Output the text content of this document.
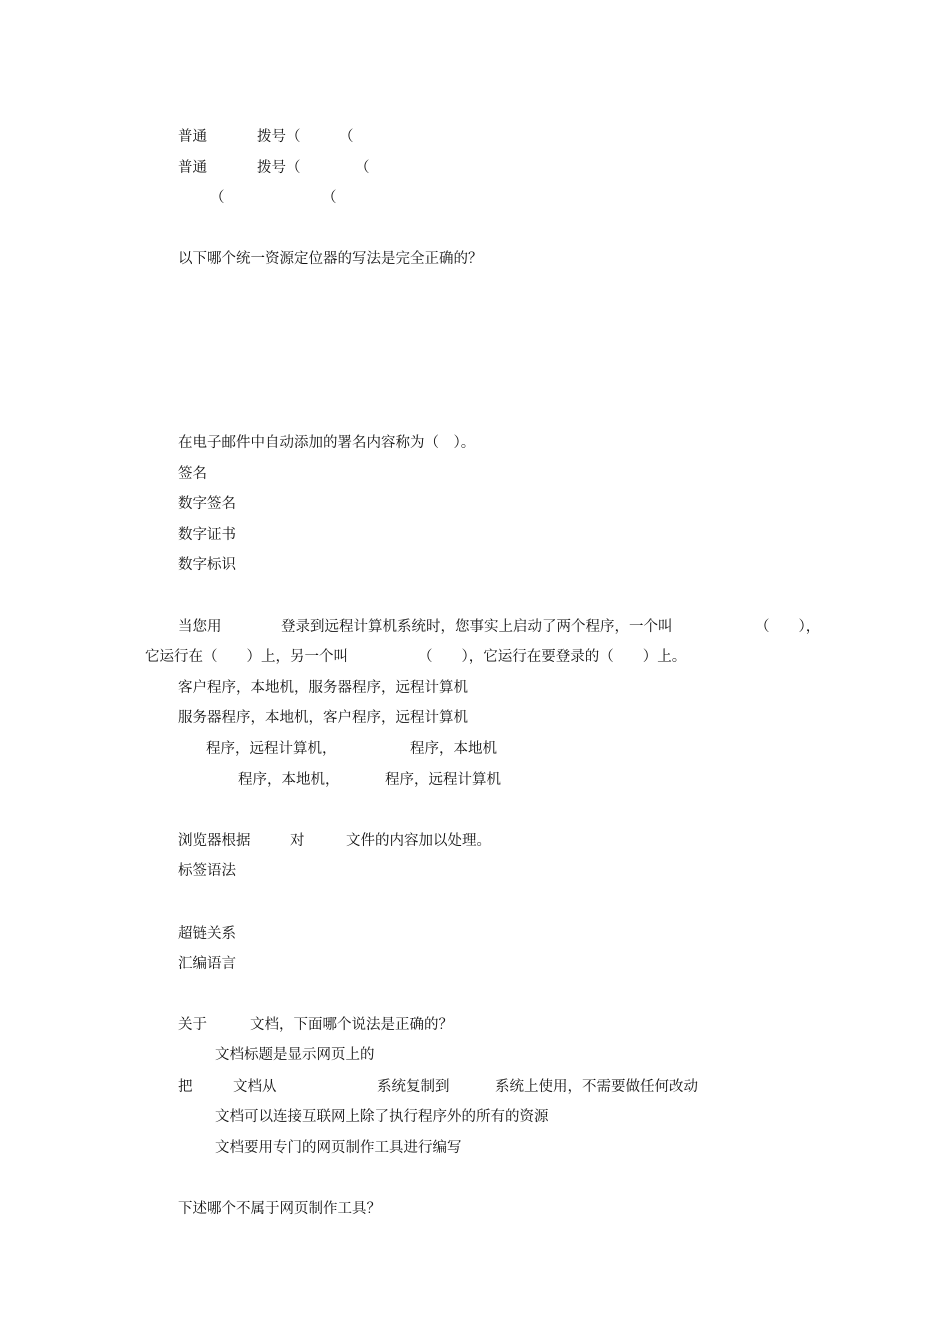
普通	拨号（	（
普通	拨号（	（
（	（
以下哪个统一资源定位器的写法是完全正确的？
在电子邮件中自动添加的署名内容称为（　）。
签名
数字签名
数字证书
数字标识
当您用	登录到远程计算机系统时，您事实上启动了两个程序，一个叫	（　　），
它运行在（　　）上，另一个叫	（　　），它运行在要登录的（　　）上。
客户程序，本地机，服务器程序，远程计算机
服务器程序，本地机，客户程序，远程计算机
程序，远程计算机，	程序，本地机
程序，本地机，	程序，远程计算机
浏览器根据	对	文件的内容加以处理。
标签语法
超链关系
汇编语言
关于	文档，下面哪个说法是正确的？
文档标题是显示网页上的
把	文档从	系统复制到	系统上使用，不需要做任何改动
文档可以连接互联网上除了执行程序外的所有的资源
文档要用专门的网页制作工具进行编写
下述哪个不属于网页制作工具？
